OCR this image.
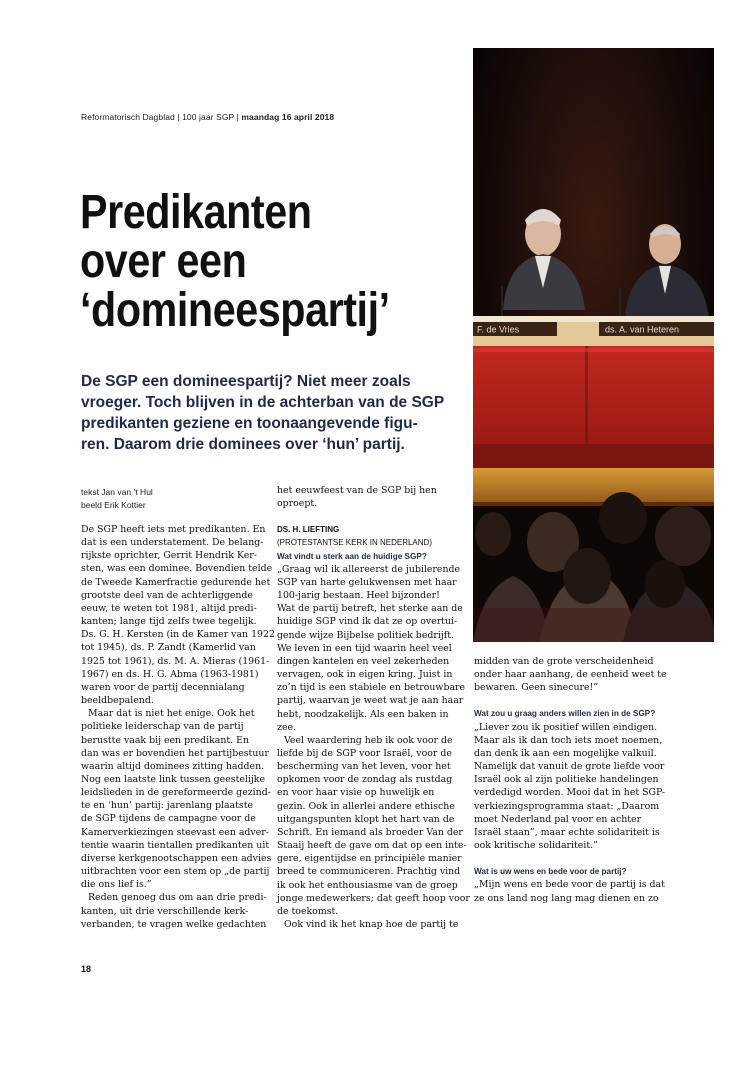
Reformatorisch Dagblad | 100 jaar SGP | maandag 16 april 2018
Predikanten
over een
‘domineespartij’
De SGP een domineespartij? Niet meer zoals
vroeger. Toch blijven in de achterban van de SGP
predikanten geziene en toonaangevende figu-
ren. Daarom drie dominees over ‘hun’ partij.
F. de Vries	ds. A. van Heteren
tekst Jan van ’t Hul
beeld Erik Kottier
De SGP heeft iets met predikanten. En
dat is een understatement. De belang-
rijkste oprichter, Gerrit Hendrik Ker-
sten, was een dominee. Bovendien telde
de Tweede Kamerfractie gedurende het
grootste deel van de achterliggende
eeuw, te weten tot 1981, altijd predi-
kanten; lange tijd zelfs twee tegelijk.
Ds. G. H. Kersten (in de Kamer van 1922
tot 1945), ds. P. Zandt (Kamerlid van
1925 tot 1961), ds. M. A. Mieras (1961-
1967) en ds. H. G. Abma (1963-1981)
waren voor de partij decennialang
beeldbepalend.
Maar dat is niet het enige. Ook het
politieke leiderschap van de partij
berustte vaak bij een predikant. En
dan was er bovendien het partijbestuur
waarin altijd dominees zitting hadden.
Nog een laatste link tussen geestelijke
leidslieden in de gereformeerde gezind-
te en ‘hun’ partij: jarenlang plaatste
de SGP tijdens de campagne voor de
Kamerverkiezingen steevast een adver-
tentie waarin tientallen predikanten uit
diverse kerkgenootschappen een advies
uitbrachten voor een stem op „de partij
die ons lief is.”
Reden genoeg dus om aan drie predi-
kanten, uit drie verschillende kerk-
verbanden, te vragen welke gedachten
het eeuwfeest van de SGP bij hen
oproept.
DS. H. LIEFTING
(PROTESTANTSE KERK IN NEDERLAND)
Wat vindt u sterk aan de huidige SGP?
„Graag wil ik allereerst de jubilerende
SGP van harte gelukwensen met haar
100-jarig bestaan. Heel bijzonder!
Wat de partij betreft, het sterke aan de
huidige SGP vind ik dat ze op overtui-
gende wijze Bijbelse politiek bedrijft.
We leven in een tijd waarin heel veel
dingen kantelen en veel zekerheden
vervagen, ook in eigen kring. Juist in
zo’n tijd is een stabiele en betrouwbare
partij, waarvan je weet wat je aan haar
hebt, noodzakelijk. Als een baken in
zee.
Veel waardering heb ik ook voor de
liefde bij de SGP voor Israël, voor de
bescherming van het leven, voor het
opkomen voor de zondag als rustdag
en voor haar visie op huwelijk en
gezin. Ook in allerlei andere ethische
uitgangspunten klopt het hart van de
Schrift. En iemand als broeder Van der
Staaij heeft de gave om dat op een inte-
gere, eigentijdse en principiële manier
breed te communiceren. Prachtig vind
ik ook het enthousiasme van de groep
jonge medewerkers; dat geeft hoop voor
de toekomst.
Ook vind ik het knap hoe de partij te
midden van de grote verscheidenheid
onder haar aanhang, de eenheid weet te
bewaren. Geen sinecure!”
Wat zou u graag anders willen zien in de SGP?
„Liever zou ik positief willen eindigen.
Maar als ik dan toch iets moet noemen,
dan denk ik aan een mogelijke valkuil.
Namelijk dat vanuit de grote liefde voor
Israël ook al zijn politieke handelingen
verdedigd worden. Mooi dat in het SGP-
verkiezingsprogramma staat: „Daarom
moet Nederland pal voor en achter
Israël staan”, maar echte solidariteit is
ook kritische solidariteit.”
Wat is uw wens en bede voor de partij?
„Mijn wens en bede voor de partij is dat
ze ons land nog lang mag dienen en zo
18
